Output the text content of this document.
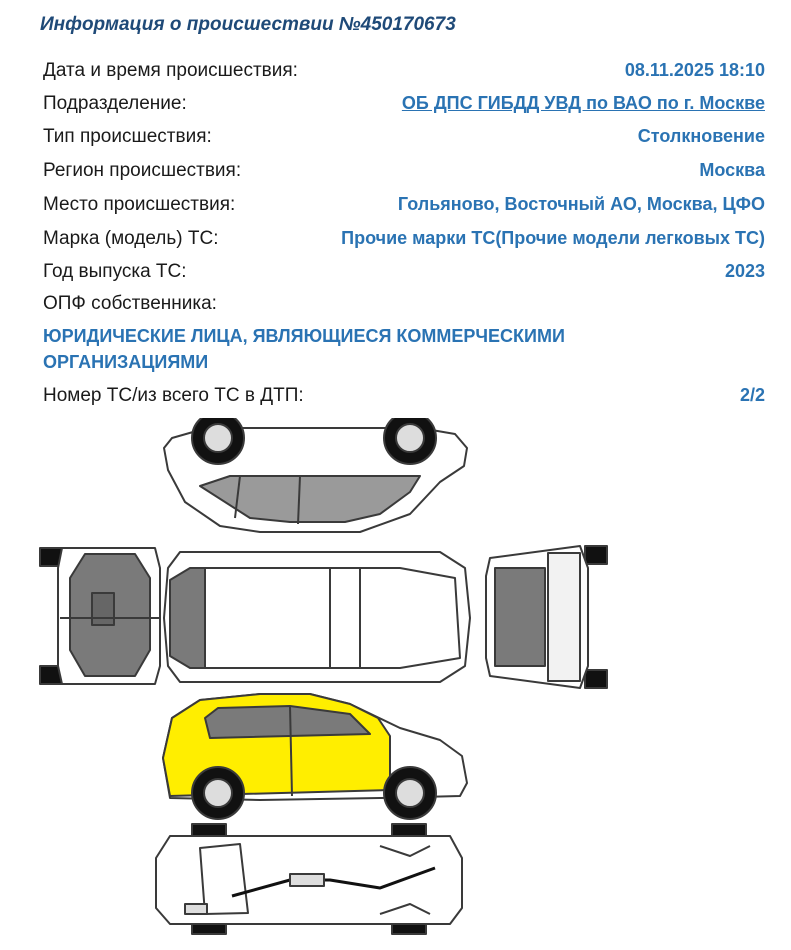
Информация о происшествии №450170673
Дата и время происшествия:	08.11.2025 18:10
Подразделение:	ОБ ДПС ГИБДД УВД по ВАО по г. Москве
Тип происшествия:	Столкновение
Регион происшествия:	Москва
Место происшествия:	Гольяново, Восточный АО, Москва, ЦФО
Марка (модель) ТС:	Прочие марки ТС(Прочие модели легковых ТС)
Год выпуска ТС:	2023
ОПФ собственника:
ЮРИДИЧЕСКИЕ ЛИЦА, ЯВЛЯЮЩИЕСЯ КОММЕРЧЕСКИМИ ОРГАНИЗАЦИЯМИ
Номер ТС/из всего ТС в ДТП:	2/2
